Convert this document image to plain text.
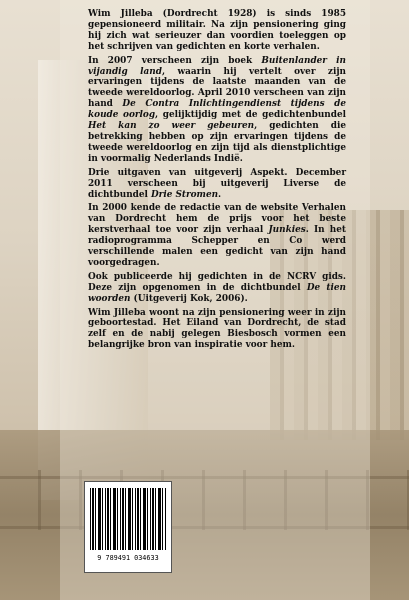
Wim Jilleba (Dordrecht 1928) is sinds 1985 gepensioneerd militair. Na zijn pensionering ging hij zich wat serieuzer dan voordien toeleggen op het schrijven van gedichten en korte verhalen.

In 2007 verscheen zijn boek Buitenlander in vijandig land, waarin hij vertelt over zijn ervaringen tijdens de laatste maanden van de tweede wereldoorlog. April 2010 verscheen van zijn hand De Contra Inlichtingendienst tijdens de koude oorlog, gelijktijdig met de gedichtenbundel Het kan zo weer gebeuren, gedichten die betrekking hebben op zijn ervaringen tijdens de tweede wereldoorlog en zijn tijd als dienstplichtige in voormalig Nederlands Indië.

Drie uitgaven van uitgeverij Aspekt. December 2011 verscheen bij uitgeverij Liverse de dichtbundel Drie Stromen.

In 2000 kende de redactie van de website Verhalen van Dordrecht hem de prijs voor het beste kerstverhaal toe voor zijn verhaal Junkies. In het radioprogramma Schepper en Co werd verschillende malen een gedicht van zijn hand voorgedragen.

Ook publiceerde hij gedichten in de NCRV gids. Deze zijn opgenomen in de dichtbundel De tien woorden (Uitgeverij Kok, 2006).

Wim Jilleba woont na zijn pensionering weer in zijn geboortestad. Het Eiland van Dordrecht, de stad zelf en de nabij gelegen Biesbosch vormen een belangrijke bron van inspiratie voor hem.

9 789491 034633
